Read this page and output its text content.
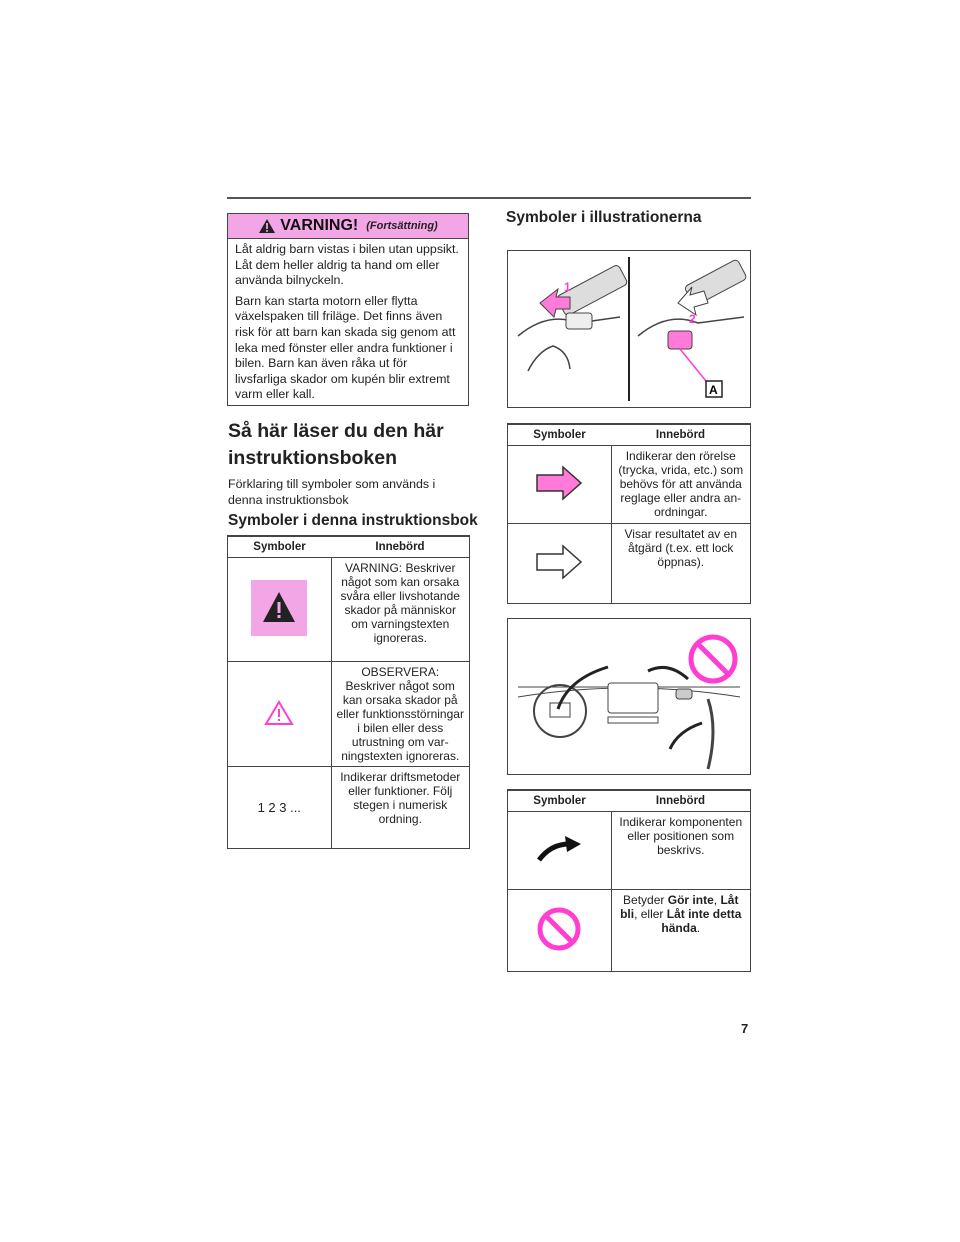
VARNING! (Fortsättning)

Låt aldrig barn vistas i bilen utan uppsikt. Låt dem heller aldrig ta hand om eller använda bilnyckeln.

Barn kan starta motorn eller flytta växelspaken till friläge. Det finns även risk för att barn kan skada sig genom att leka med fönster eller andra funktioner i bilen. Barn kan även råka ut för livsfarliga skador om kupén blir extremt varm eller kall.

Så här läser du den här instruktionsboken
Förklaring till symboler som används i denna instruktionsbok
Symboler i denna instruktionsbok
Symboler	Innebörd
	VARNING: Beskriver något som kan orsaka svåra eller livshotande skador på människor om varningstexten ignoreras.
	OBSERVERA: Beskriver något som kan orsaka skador på eller funktionsstörningar i bilen eller dess utrustning om varningstexten ignoreras.
1 2 3 ...	Indikerar driftsmetoder eller funktioner. Följ stegen i numerisk ordning.
Symboler i illustrationerna
1
2
A
Symboler	Innebörd
	Indikerar den rörelse (trycka, vrida, etc.) som behövs för att använda reglage eller andra anordningar.
	Visar resultatet av en åtgärd (t.ex. ett lock öppnas).
Symboler	Innebörd
	Indikerar komponenten eller positionen som beskrivs.
	Betyder Gör inte, Låt bli, eller Låt inte detta hända.
7
